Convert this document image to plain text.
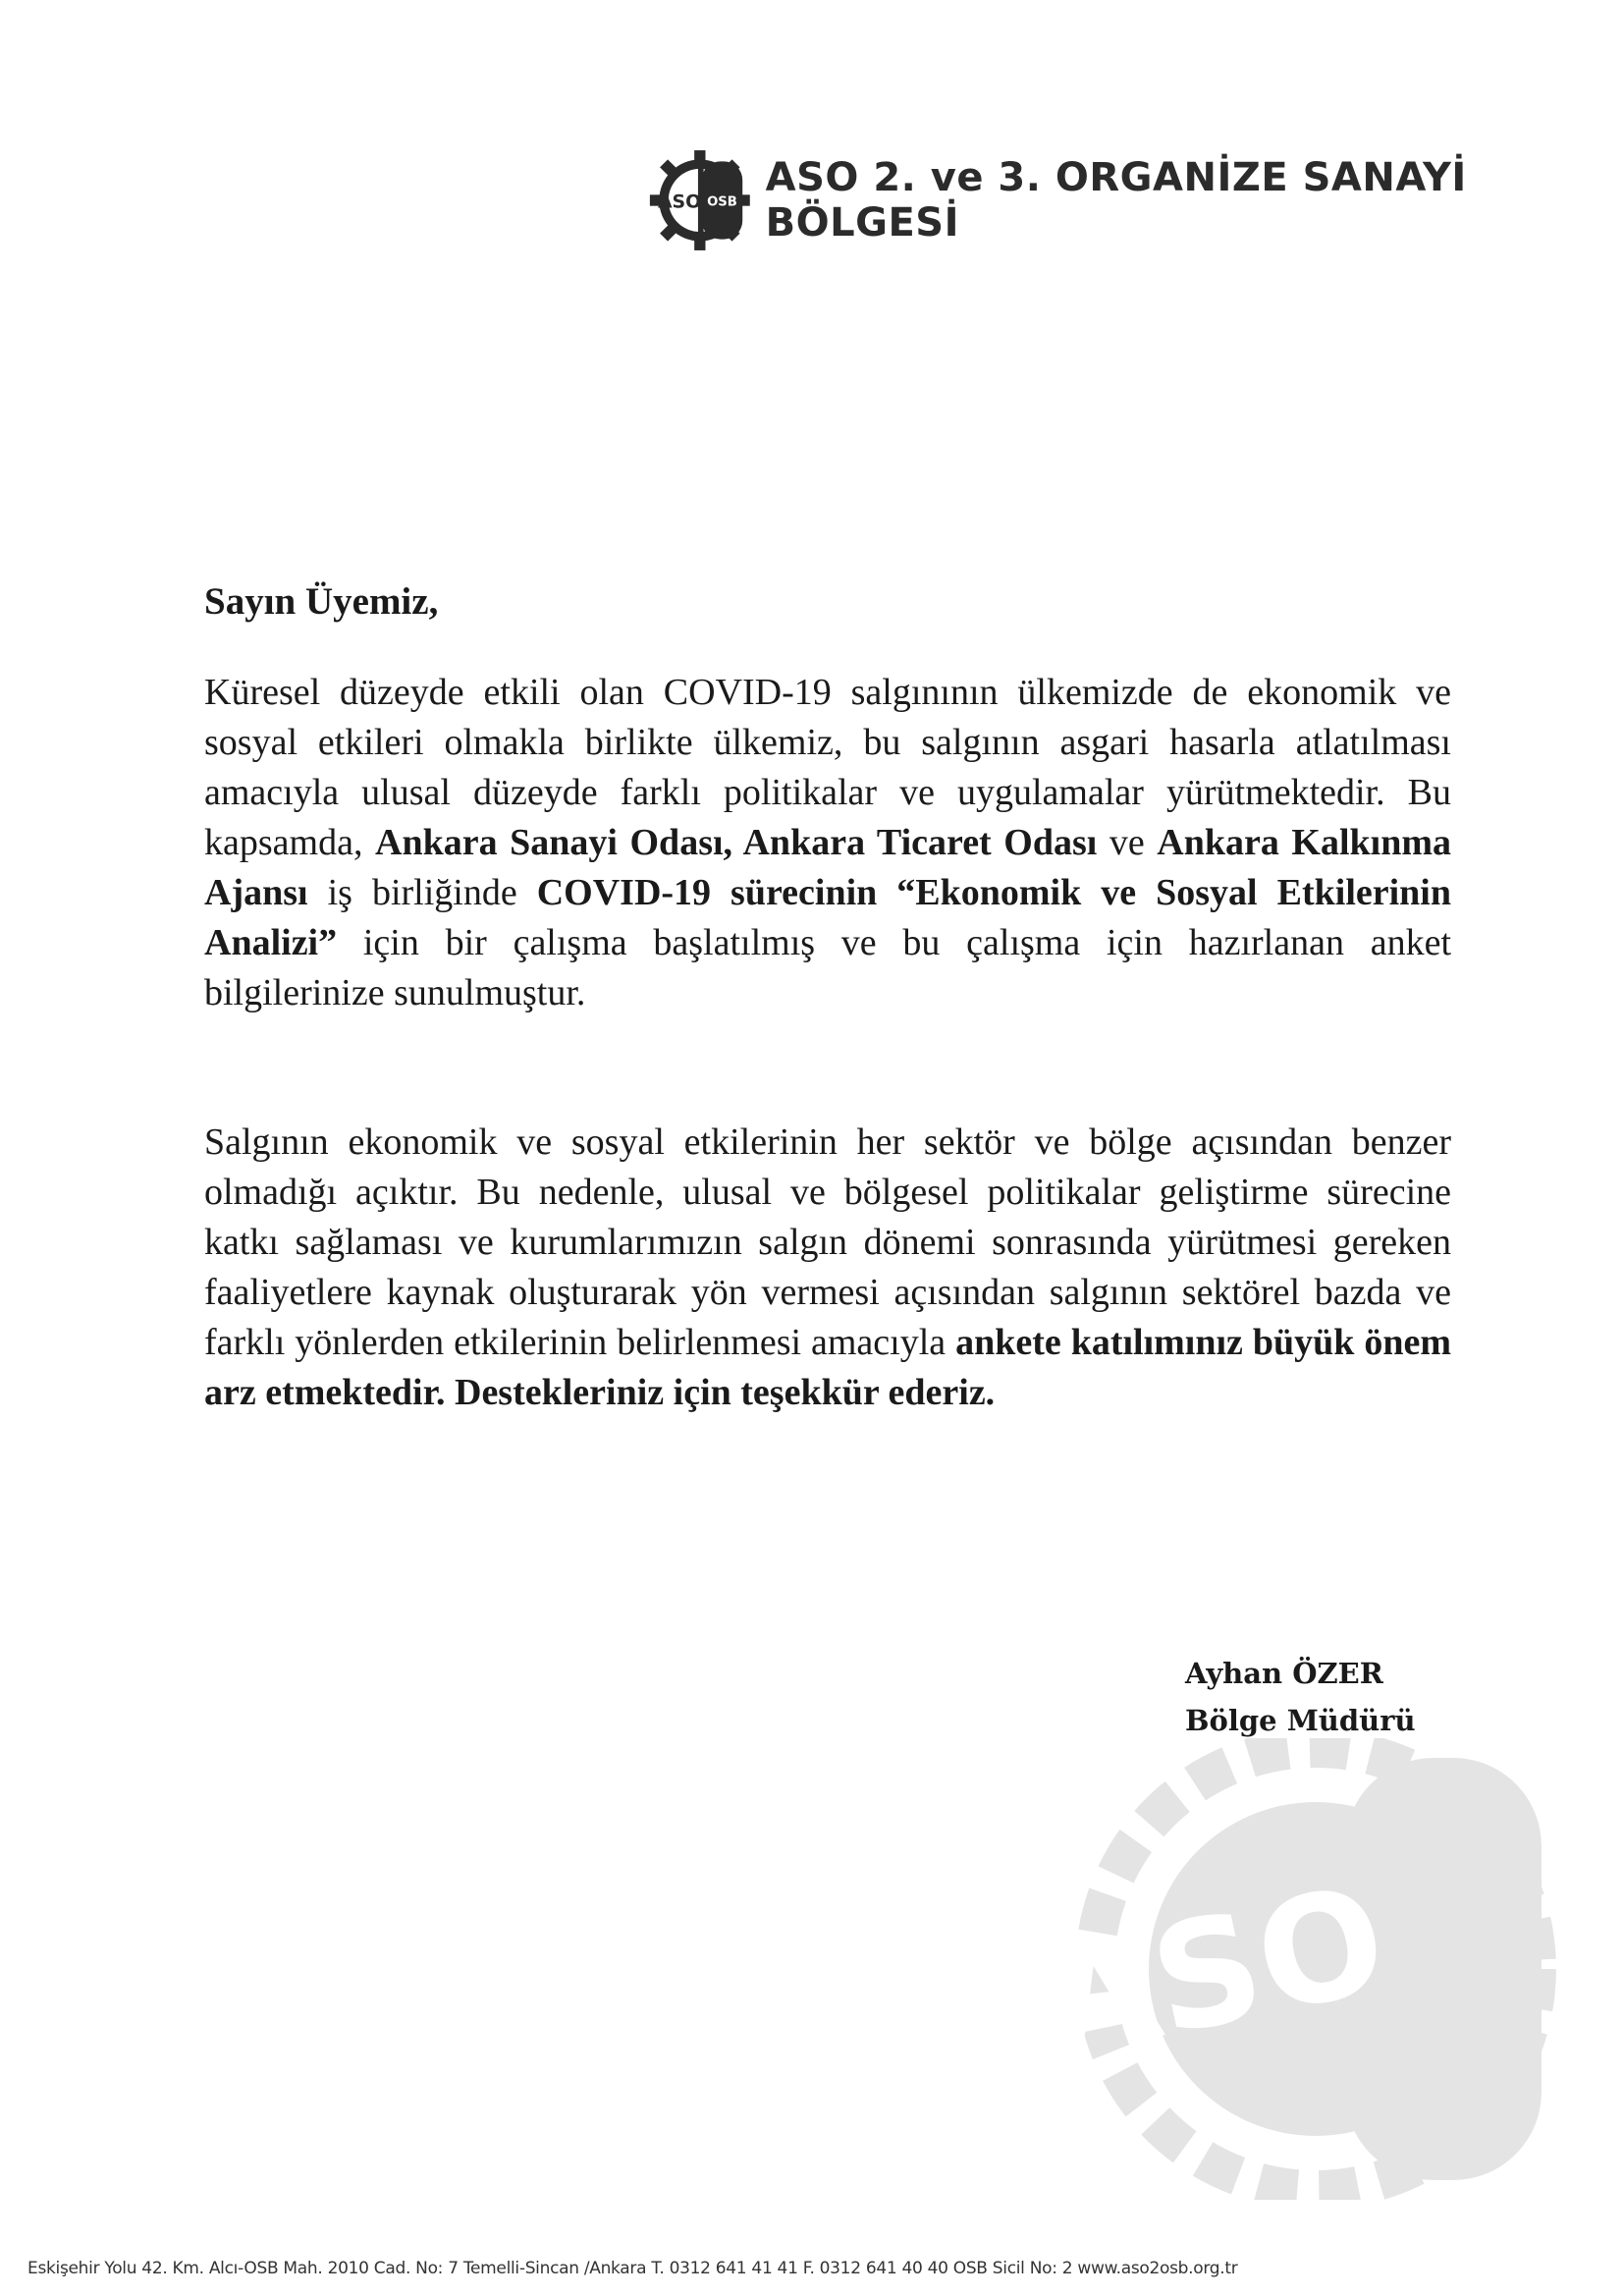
ASO OSB
ASO 2. ve 3. ORGANİZE SANAYİ BÖLGESİ
Sayın Üyemiz,

Küresel düzeyde etkili olan COVID-19 salgınının ülkemizde de ekonomik ve sosyal etkileri olmakla birlikte ülkemiz, bu salgının asgari hasarla atlatılması amacıyla ulusal düzeyde farklı politikalar ve uygulamalar yürütmektedir. Bu kapsamda, Ankara Sanayi Odası, Ankara Ticaret Odası ve Ankara Kalkınma Ajansı iş birliğinde COVID-19 sürecinin “Ekonomik ve Sosyal Etkilerinin Analizi” için bir çalışma başlatılmış ve bu çalışma için hazırlanan anket bilgilerinize sunulmuştur.

Salgının ekonomik ve sosyal etkilerinin her sektör ve bölge açısından benzer olmadığı açıktır. Bu nedenle, ulusal ve bölgesel politikalar geliştirme sürecine katkı sağlaması ve kurumlarımızın salgın dönemi sonrasında yürütmesi gereken faaliyetlere kaynak oluşturarak yön vermesi açısından salgının sektörel bazda ve farklı yönlerden etkilerinin belirlenmesi amacıyla ankete katılımınız büyük önem arz etmektedir. Destekleriniz için teşekkür ederiz.

Ayhan ÖZER
Bölge Müdürü
ASO
Eskişehir Yolu 42. Km. Alcı-OSB Mah. 2010 Cad. No: 7 Temelli-Sincan /Ankara T. 0312 641 41 41 F. 0312 641 40 40 OSB Sicil No: 2 www.aso2osb.org.tr
